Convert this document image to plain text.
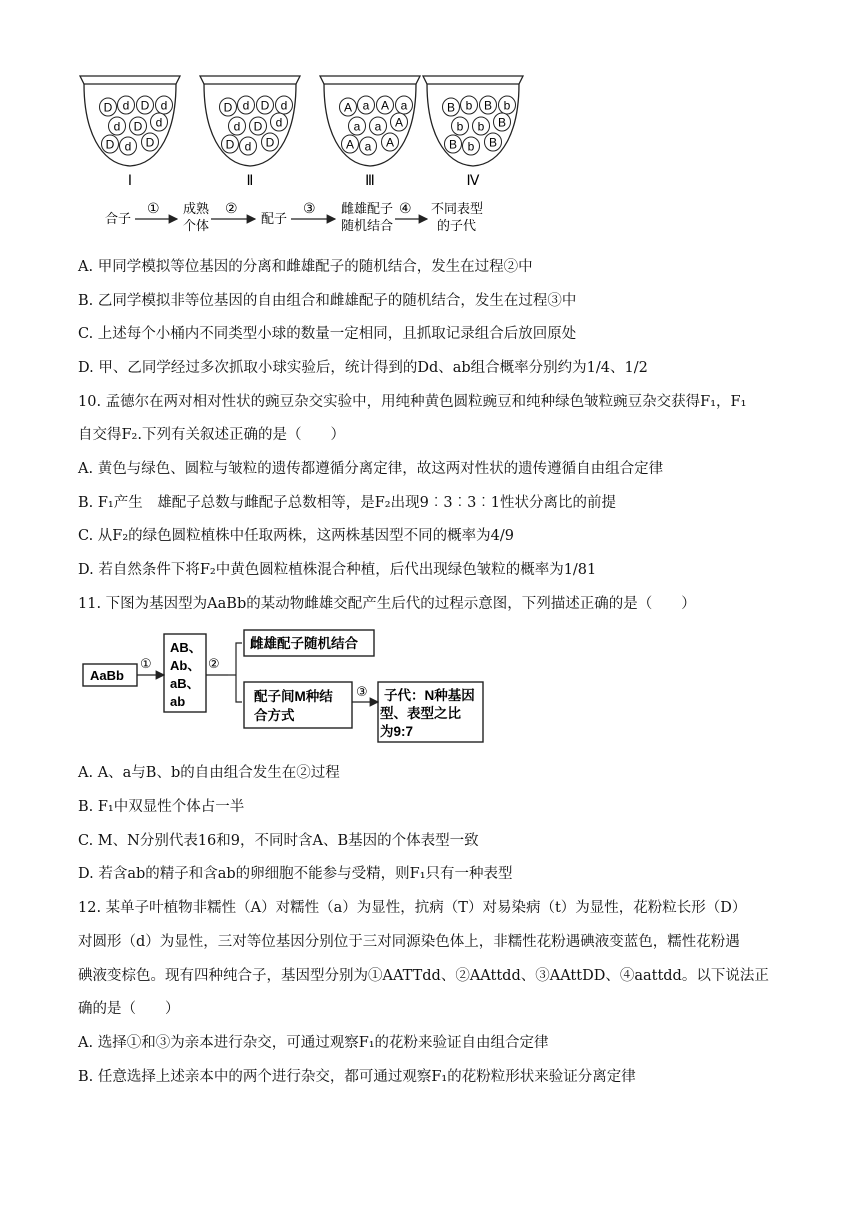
D d D d
d D d
D d D
Ⅰ
D d D d
d D d
D d D
Ⅱ
A a A a
a a A
A a A
Ⅲ
B b B b
b b B
B b B
Ⅳ
合子
① 成熟
个体
②
配子
③ 雌雄配子
随机结合
④ 不同表型
的子代
A. 甲同学模拟等位基因的分离和雌雄配子的随机结合，发生在过程②中
B. 乙同学模拟非等位基因的自由组合和雌雄配子的随机结合，发生在过程③中
C. 上述每个小桶内不同类型小球的数量一定相同，且抓取记录组合后放回原处
D. 甲、乙同学经过多次抓取小球实验后，统计得到的Dd、ab组合概率分别约为1/4、1/2
10. 孟德尔在两对相对性状的豌豆杂交实验中，用纯种黄色圆粒豌豆和纯种绿色皱粒豌豆杂交获得F₁，F₁
自交得F₂.下列有关叙述正确的是（　　）
A. 黄色与绿色、圆粒与皱粒的遗传都遵循分离定律，故这两对性状的遗传遵循自由组合定律
B. F₁产生　雄配子总数与雌配子总数相等，是F₂出现9︰3︰3︰1性状分离比的前提
C. 从F₂的绿色圆粒植株中任取两株，这两株基因型不同的概率为4/9
D. 若自然条件下将F₂中黄色圆粒植株混合种植，后代出现绿色皱粒的概率为1/81
11. 下图为基因型为AaBb的某动物雌雄交配产生后代的过程示意图，下列描述正确的是（　　）
AaBb
①
AB、
Ab、
aB、
ab
②
雌雄配子随机结合
配子间M种结
合方式
③ 子代：N种基因
型、表型之比
为9:7
A. A、a与B、b的自由组合发生在②过程
B. F₁中双显性个体占一半
C. M、N分别代表16和9，不同时含A、B基因的个体表型一致
D. 若含ab的精子和含ab的卵细胞不能参与受精，则F₁只有一种表型
12. 某单子叶植物非糯性（A）对糯性（a）为显性，抗病（T）对易染病（t）为显性，花粉粒长形（D）
对圆形（d）为显性，三对等位基因分别位于三对同源染色体上，非糯性花粉遇碘液变蓝色，糯性花粉遇
碘液变棕色。现有四种纯合子，基因型分别为①AATTdd、②AAttdd、③AAttDD、④aattdd。以下说法正
确的是（　　）
A. 选择①和③为亲本进行杂交，可通过观察F₁的花粉来验证自由组合定律
B. 任意选择上述亲本中的两个进行杂交，都可通过观察F₁的花粉粒形状来验证分离定律
